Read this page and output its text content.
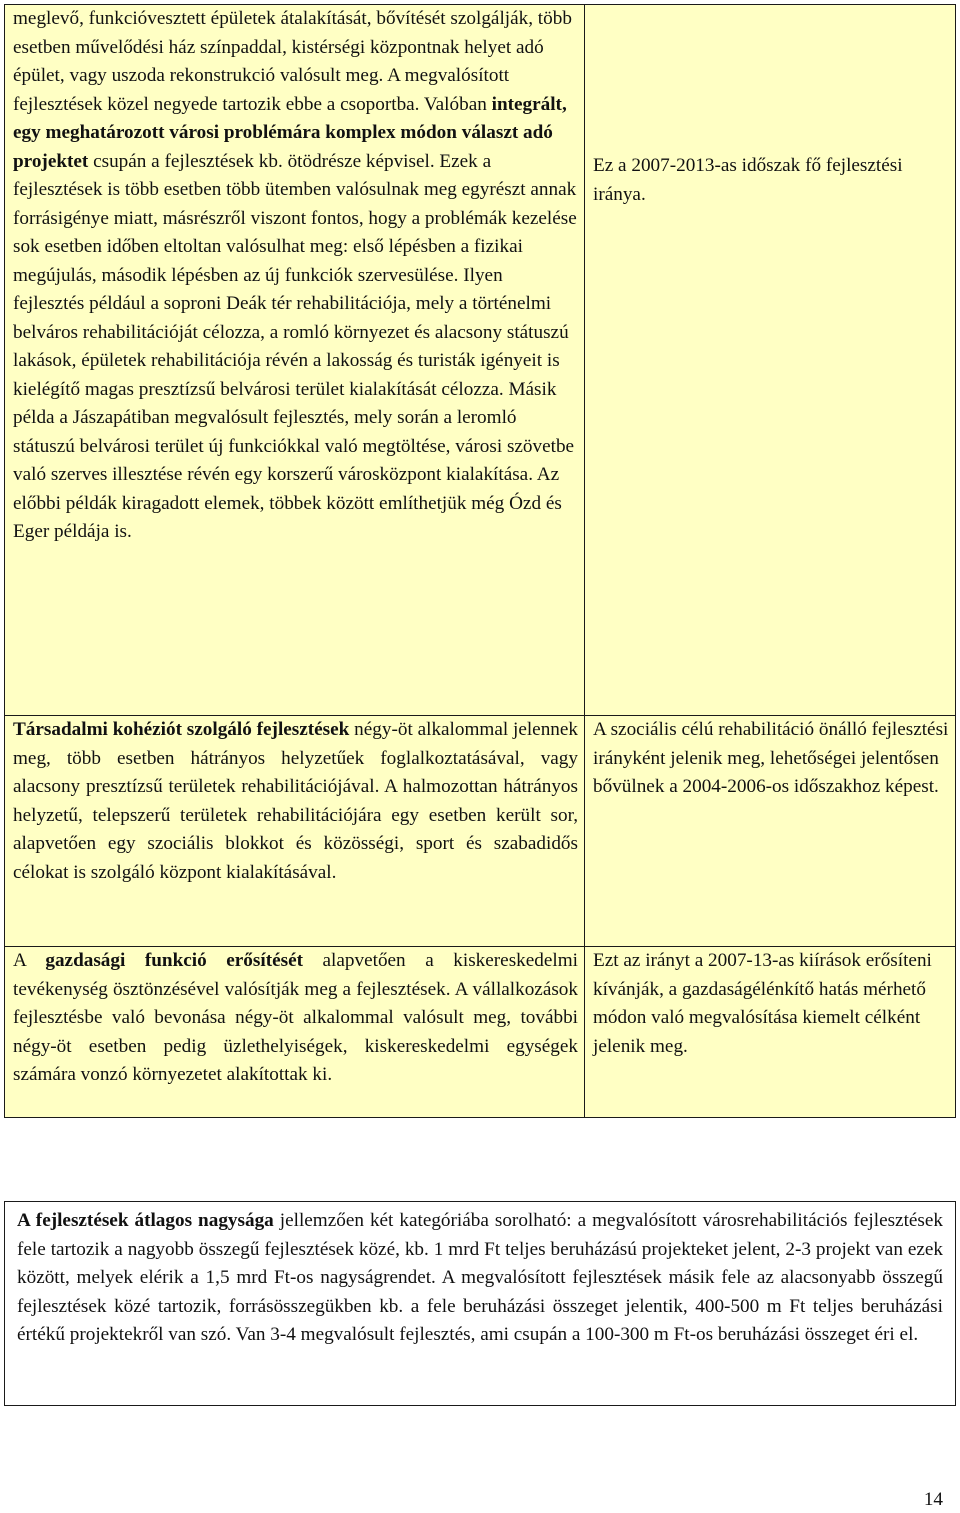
meglevő, funkcióvesztett épületek átalakítását, bővítését szolgálják, több esetben művelődési ház színpaddal, kistérségi központnak helyet adó épület, vagy uszoda rekonstrukció valósult meg. A megvalósított fejlesztések közel negyede tartozik ebbe a csoportba. Valóban integrált, egy meghatározott városi problémára komplex módon választ adó projektet csupán a fejlesztések kb. ötödrésze képvisel. Ezek a fejlesztések is több esetben több ütemben valósulnak meg egyrészt annak forrásigénye miatt, másrészről viszont fontos, hogy a problémák kezelése sok esetben időben eltoltan valósulhat meg: első lépésben a fizikai megújulás, második lépésben az új funkciók szervesülése. Ilyen fejlesztés például a soproni Deák tér rehabilitációja, mely a történelmi belváros rehabilitációját célozza, a romló környezet és alacsony státuszú lakások, épületek rehabilitációja révén a lakosság és turisták igényeit is kielégítő magas presztízsű belvárosi terület kialakítását célozza. Másik példa a Jászapátiban megvalósult fejlesztés, mely során a leromló státuszú belvárosi terület új funkciókkal való megtöltése, városi szövetbe való szerves illesztése révén egy korszerű városközpont kialakítása. Az előbbi példák kiragadott elemek, többek között említhetjük még Ózd és Eger példája is.	Ez a 2007-2013-as időszak fő fejlesztési iránya.

Társadalmi kohéziót szolgáló fejlesztések négy-öt alkalommal jelennek meg, több esetben hátrányos helyzetűek foglalkoztatásával, vagy alacsony presztízsű területek rehabilitációjával. A halmozottan hátrányos helyzetű, telepszerű területek rehabilitációjára egy esetben került sor, alapvetően egy szociális blokkot és közösségi, sport és szabadidős célokat is szolgáló központ kialakításával.	A szociális célú rehabilitáció önálló fejlesztési irányként jelenik meg, lehetőségei jelentősen bővülnek a 2004-2006-os időszakhoz képest.

A gazdasági funkció erősítését alapvetően a kiskereskedelmi tevékenység ösztönzésével valósítják meg a fejlesztések. A vállalkozások fejlesztésbe való bevonása négy-öt alkalommal valósult meg, további négy-öt esetben pedig üzlethelyiségek, kiskereskedelmi egységek számára vonzó környezetet alakítottak ki.	Ezt az irányt a 2007-13-as kiírások erősíteni kívánják, a gazdaságélénkítő hatás mérhető módon való megvalósítása kiemelt célként jelenik meg.

A fejlesztések átlagos nagysága jellemzően két kategóriába sorolható: a megvalósított városrehabilitációs fejlesztések fele tartozik a nagyobb összegű fejlesztések közé, kb. 1 mrd Ft teljes beruházású projekteket jelent, 2-3 projekt van ezek között, melyek elérik a 1,5 mrd Ft-os nagyságrendet. A megvalósított fejlesztések másik fele az alacsonyabb összegű fejlesztések közé tartozik, forrásösszegükben kb. a fele beruházási összeget jelentik, 400-500 m Ft teljes beruházási értékű projektekről van szó. Van 3-4 megvalósult fejlesztés, ami csupán a 100-300 m Ft-os beruházási összeget éri el.

14
